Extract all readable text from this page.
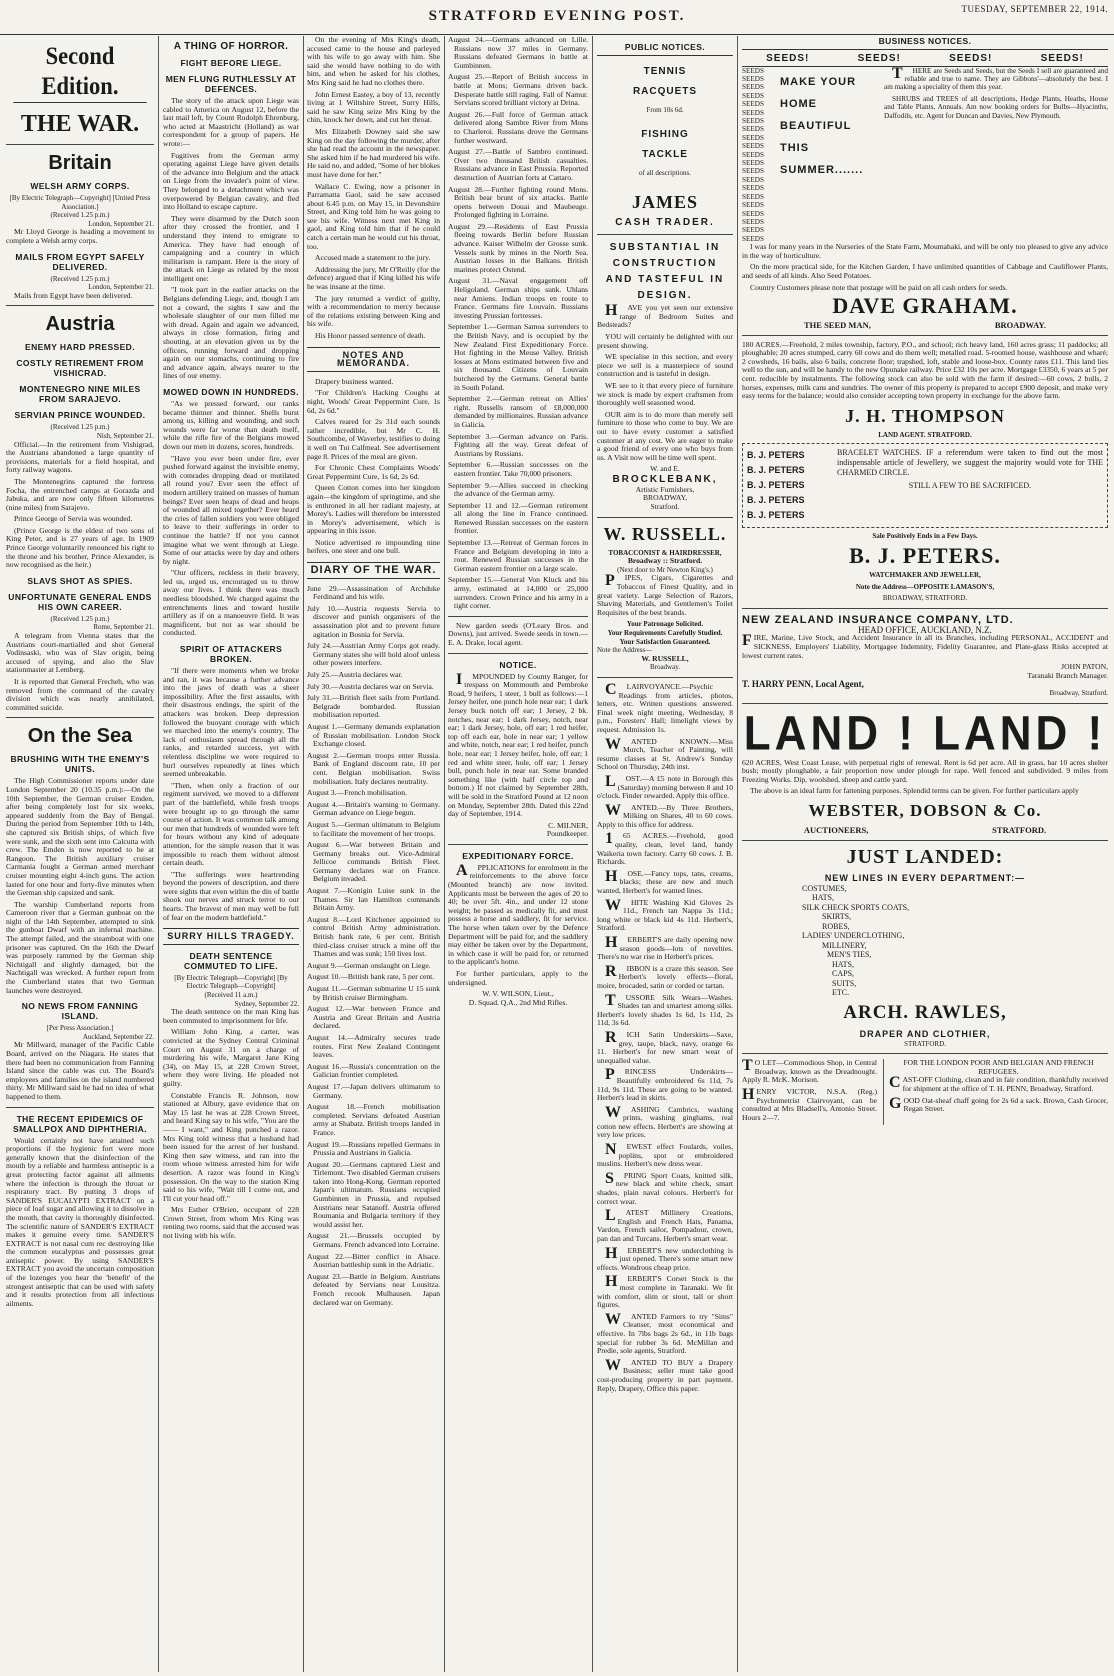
STRATFORD EVENING POST.	TUESDAY, SEPTEMBER 22, 1914.
Second Edition.
THE WAR.
Britain
WELSH ARMY CORPS.
[By Electric Telegraph—Copyright] [United Press Association.]
(Received 1.25 p.m.)
London, September 21.

Mr Lloyd George is heading a movement to complete a Welsh army corps.

MAILS FROM EGYPT SAFELY DELIVERED.
(Received 1.25 p.m.)
London, September 21.

Mails from Egypt have been delivered.

Austria
ENEMY HARD PRESSED.
COSTLY RETIREMENT FROM VISHICRAD.
MONTENEGRO NINE MILES FROM SARAJEVO.
SERVIAN PRINCE WOUNDED.
(Received 1.25 p.m.)
Nish, September 21.

Official.—In the retirement from Vishigrad, the Austrians abandoned a large quantity of provisions, materials for a field hospital, and forty railway wagons.

The Montenegrins captured the fortress Focha, the entrenched camps at Gorazda and Jabuka, and are now only fifteen kilometres (nine miles) from Sarajevo.

Prince George of Servia was wounded.

(Prince George is the eldest of two sons of King Peter, and is 27 years of age. In 1909 Prince George voluntarily renounced his right to the throne and his brother, Prince Alexander, is now recognised as the heir.)

SLAVS SHOT AS SPIES.
UNFORTUNATE GENERAL ENDS HIS OWN CAREER.
(Received 1.25 p.m.)
Rome, September 21.

A telegram from Vienna states that the Austrians court-martialled and shot General Vodinsaski, who was of Slav origin, being accused of spying, and also the Slav stationmaster at Lemberg.

It is reported that General Frecheh, who was removed from the command of the cavalry division which was nearly annihilated, committed suicide.

On the Sea
BRUSHING WITH THE ENEMY'S UNITS.

The High Commissioner reports under date London September 20 (10.35 p.m.):—On the 10th September, the German cruiser Emden, after being completely lost for six weeks, appeared suddenly from the Bay of Bengal. During the period from September 10th to 14th, she captured six British ships, of which five were sunk, and the sixth sent into Calcutta with crew. The Emden is now reported to be at Rangoon. The British auxiliary cruiser Carmania fought a German armed merchant cruiser mounting eight 4-inch guns. The action lasted for one hour and forty-five minutes when the German ship capsized and sank.

The warship Cumberland reports from Cameroon river that a German gunboat on the night of the 14th September, attempted to sink the gunboat Dwarf with an infernal machine. The attempt failed, and the steamboat with one prisoner was captured. On the 16th the Dwarf was purposely rammed by the German ship Nichtigall and slightly damaged, but the Nachtigall was wrecked. A further report from the Cumberland states that two German launches were destroyed.

NO NEWS FROM FANNING ISLAND.
[Per Press Association.]
Auckland, September 22.

Mr Millward, manager of the Pacific Cable Board, arrived on the Niagara. He states that there had been no communication from Fanning Island since the cable was cut. The Board's employees and families on the island numbered thirty. Mr Millward said he had no idea of what happened to them.

THE RECENT EPIDEMICS OF SMALLPOX AND DIPHTHERIA.

Would certainly not have attained such proportions if the hygienic fort were more generally known that the disinfection of the mouth by a reliable and harmless antiseptic is a great protecting factor against all ailments where the infection is through the throat or respiratory tract. By putting 3 drops of SANDER'S EUCALYPTI EXTRACT on a piece of loaf sugar and allowing it to dissolve in the mouth, that cavity is thoroughly disinfected. The scientific nature of SANDER'S EXTRACT makes it genuine every time. SANDER'S EXTRACT is not nasal cum rec destroying like the common eucalyptus and possesses great antiseptic power. By using SANDER'S EXTRACT you avoid the uncertain composition of the lozenges you hear the 'benefit' of the strongest antiseptic that can be used with safety and it results protection from all infectious ailments.

A THING OF HORROR.
FIGHT BEFORE LIEGE.
MEN FLUNG RUTHLESSLY AT DEFENCES.

The story of the attack upon Liege was cabled to America on August 12, before the last mail left, by Count Rudolph Ehrenburg, who acted at Maastricht (Holland) as war correspondent for a group of papers. He wrote:—

Fugitives from the German army operating against Liege have given details of the advance into Belgium and the attack on Liege from the invader's point of view. They belonged to a detachment which was overpowered by Belgian cavalry, and fled into Holland to escape capture.

They were disarmed by the Dutch soon after they crossed the frontier, and I understand they intend to emigrate to America. They have had enough of campaigning and a country in which militarism is rampant. Here is the story of the attack on Liege as related by the most intelligent one:

"I took part in the earlier attacks on the Belgians defending Liege, and, though I am not a coward, the sights I saw and the wholesale slaughter of our men filled me with dread. Again and again we advanced, always in close formation, firing and shouting, at an elevation given us by the officers, running forward and dropping again on our stomachs, continuing to fire and advance again, always nearer to the lines of our enemy.

MOWED DOWN IN HUNDREDS.

"As we pressed forward, our ranks became thinner and thinner. Shells burst among us, killing and wounding, and such wounds were far worse than death itself, while the rifle fire of the Belgians mowed down our men in dozens, scores, hundreds.

"Have you ever been under fire, ever pushed forward against the invisible enemy, with comrades dropping dead or mutilated all round you? Ever seen the effect of modern artillery trained on masses of human beings? Ever seen heaps of dead and heaps of wounded all mixed together? Ever heard the cries of fallen soldiers you were obliged to leave to their sufferings in order to continue the battle? If not you cannot imagine what we went through at Liege. Some of our attacks were by day and others by night.

"Our officers, reckless in their bravery, led us, urged us, encouraged us to throw away our lives. I think there was much needless bloodshed. We charged against the entrenchments lines and toward hostile artillery as if on a manoeuvre field. It was magnificent, but not as war should be conducted.

SPIRIT OF ATTACKERS BROKEN.

"If there were moments when we broke and ran, it was because a further advance into the jaws of death was a sheer impossibility. After the first assaults, with their disastrous endings, the spirit of the attackers was broken. Deep depression followed the buoyant courage with which we marched into the enemy's country. The lack of enthusiasm spread through all the ranks, and retarded success, yet with relentless discipline we were required to hurl ourselves repeatedly at lines which seemed unbreakable.

"Then, when only a fraction of our regiment survived, we moved to a different part of the battlefield, while fresh troops were brought up to go through the same course of action. It was common talk among our men that hundreds of wounded were left for hours without any kind of adequate attention, for the simple reason that it was impossible to reach them without almost certain death.

"The sufferings were heartrending beyond the powers of description, and there were sights that even within the din of battle shook our nerves and struck terror to our hearts. The bravest of men may well be full of fear on the modern battlefield."

SURRY HILLS TRAGEDY.
DEATH SENTENCE COMMUTED TO LIFE.
[By Electric Telegraph—Copyright] [By Electric Telegraph—Copyright]
(Received 11 a.m.)
Sydney, September 22.

The death sentence on the man King has been commuted to imprisonment for life.

William John King, a carter, was convicted at the Sydney Central Criminal Court on August 31 on a charge of murdering his wife, Margaret Jane King (34), on May 15, at 228 Crown Street, where they were living. He pleaded not guilty.

Constable Francis R. Johnson, now stationed at Albury, gave evidence that on May 15 last he was at 228 Crown Street, and heard King say to his wife, "You are the —— I want," and King punched a razor. Mrs King told witness that a husband had been issued for the arrest of her husband. King then saw witness, and ran into the room whose witness arrested him for wife desertion. A razor was found in King's possession. On the way to the station King said to his wife, "Wait till I come out, and I'll cut your head off."

Mrs Esther O'Brien, occupant of 228 Crown Street, from whom Mrs King was renting two rooms, said that the accused was not living with his wife.

On the evening of Mrs King's death, accused came to the house and parleyed with his wife to go away with him. She said she would have nothing to do with him, and when he asked for his clothes, Mrs King said he had no clothes there.

John Ernest Eastey, a boy of 13, recently living at 1 Wiltshire Street, Surry Hills, said he saw King seize Mrs King by the chin, knock her down, and cut her throat.

Mrs Elizabeth Downey said she saw King on the day following the murder, after she had read the account in the newspaper. She asked him if he had murdered his wife. He said no, and added, "Some of her blokes must have done for her."

Wallace C. Ewing, now a prisoner in Parramatta Gaol, said he saw accused about 6.45 p.m. on May 15, in Devonshire Street, and King told him he was going to see his wife. Witness next met King in gaol, and King told him that if he could catch a certain man he would cut his throat, too.

Accused made a statement to the jury.

Addressing the jury, Mr O'Reilly (for the defence) argued that if King killed his wife he was insane at the time.

The jury returned a verdict of guilty, with a recommendation to mercy because of the relations existing between King and his wife.

His Honor passed sentence of death.

NOTES AND MEMORANDA.

Drapery business wanted.

"For Children's Hacking Coughs at night, Woods' Great Peppermint Cure, 1s 6d, 2s 6d."

Calves reared for 2s 31d each sounds rather incredible, but Mr C. H. Southcombe, of Waverley, testifies to doing it well on Tui Calfmeal. See advertisement page 8. Prices of the meal are given.

For Chronic Chest Complaints Woods' Great Peppermint Cure, 1s 6d, 2s 6d.

Queen Cotton comes into her kingdom again—the kingdom of springtime, and she is enthroned in all her radiant majesty, at Morey's. Ladies will therefore be interested in Morey's advertisement, which is appearing in this issue.

Notice advertised re impounding nine heifers, one steer and one bull.

DIARY OF THE WAR.

June 29.—Assassination of Archduke Ferdinand and his wife.

July 10.—Austria requests Servia to discover and punish organisers of the assassination plot and to prevent future agitation in Bosnia for Servia.

July 24.—Austrian Army Corps got ready. Germany states she will hold aloof unless other powers interfere.

July 25.—Austria declares war.

July 30.—Austria declares war on Servia.

July 31.—British fleet sails from Portland. Belgrade bombarded. Russian mobilisation reported.

August 1.—Germany demands explanation of Russian mobilisation. London Stock Exchange closed.

August 2.—German troops enter Russia. Bank of England discount rate, 10 per cent. Belgian mobilisation. Swiss mobilisation. Italy declares neutrality.

August 3.—French mobilisation.

August 4.—Britain's warning to Germany. German advance on Liege begun.

August 5.—German ultimatum to Belgium to facilitate the movement of her troops.

August 6.—War between Britain and Germany breaks out. Vice-Admiral Jellicoe commands British Fleet. Germany declares war on France. Belgium invaded.

August 7.—Konigin Luise sunk in the Thames. Sir Ian Hamilton commands Britain Army.

August 8.—Lord Kitchener appointed to control British Army administration. British bank rate, 6 per cent. British third-class cruiser struck a mine off the Thames and was sunk; 150 lives lost.

August 9.—German onslaught on Liege.

August 10.—British bank rate, 5 per cent.

August 11.—German submarine U 15 sunk by British cruiser Birmingham.

August 12.—War between France and Austria and Great Britain and Austria declared.

August 14.—Admiralty secures trade routes. First New Zealand Contingent leaves.

August 16.—Russia's concentration on the Galician frontier completed.

August 17.—Japan delivers ultimatum to Germany.

August 18.—French mobilisation completed. Servians defeated Austrian army at Shabatz. British troops landed in France.

August 19.—Russians repelled Germans in Prussia and Austrians in Galicia.

August 20.—Germans captured Liest and Tirlemont. Two disabled German cruisers taken into Hong-Kong. German reported Japan's ultimatum. Russians occupied Gumbinnen in Prussia, and repulsed Austrians near Satanoff. Austria offered Roumania and Bulgaria territory if they would assist her.

August 21.—Brussels occupied by Germans. French advanced into Lorraine.

August 22.—Bitter conflict in Alsace. Austrian battleship sunk in the Adriatic.

August 23.—Battle in Belgium. Austrians defeated by Servians near Lousitza. French recook Mulhausen. Japan declared war on Germany.

August 24.—Germans advanced on Lille. Russians now 37 miles in Germany. Russians defeated Germans in battle at Gumbinnen.

August 25.—Report of British success in battle at Mons; Germans driven back. Desperate battle still raging. Fall of Namur. Servians scored brilliant victory at Drina.

August 26.—Full force of German attack delivered along Sambre River from Mons to Charleroi. Russians drove the Germans further westward.

August 27.—Battle of Sambro continued. Over two thousand British casualties. Russians advance in East Prussia. Reported destruction of Austrian forts at Cattaro.

August 28.—Further fighting round Mons. British bear brunt of six attacks. Battle opens between Douai and Maubeuge. Prolonged fighting in Lorraine.

August 29.—Residents of East Prussia fleeing towards Berlin before Russian advance. Kaiser Wilhelm der Grosse sunk. Vessels sunk by mines in the North Sea. Austrian losses in the Balkans. British marines protect Ostend.

August 31.—Naval engagement off Heligoland. German ships sunk. Uhlans near Amiens. Indian troops en route to France. Germans fire Louvain. Russians investing Prussian fortresses.

September 1.—German Samoa surrenders to the British Navy, and is occupied by the New Zealand First Expeditionary Force. Hot fighting in the Meuse Valley. British losses at Mons estimated between five and six thousand. Citizens of Louvain butchered by the Germans. General battle in South Poland.

September 2.—German retreat on Allies' right. Russells ransom of £8,000,000 demanded by millionaires. Russian advance in Galicia.

September 3.—German advance on Paris. Fighting all the way. Great defeat of Austrians by Russians.

September 6.—Russian successes on the eastern frontier. Take 70,000 prisoners.

September 9.—Allies succeed in checking the advance of the German army.

September 11 and 12.—German retirement all along the line in France continued. Renewed Russian successes on the eastern frontier.

September 13.—Retreat of German forces in France and Belgium developing in into a rout. Renewed Russian successes in the German eastern frontier on a large scale.

September 15.—General Von Kluck and his army, estimated at 14,000 or 25,000 surrenders. Crown Prince and his army in a tight corner.

New garden seeds (O'Leary Bros. and Downs), just arrived. Swede seeds in town.—E. A. Drake, local agent.

NOTICE.

IMPOUNDED by County Ranger, for trespass on Mommouth and Pembroke Road, 9 heifers, 1 steer, 1 bull as follows:—1 Jersey heifer, one punch hole near ear; 1 dark Jersey buck notch off ear; 1 Jersey, 2 bk. notches, near ear; 1 dark Jersey, notch, near ear; 1 dark Jersey, hole, off ear; 1 red heifer, top off each ear, hole in near ear; 1 yellow and white, notch, near ear; 1 red heifer, punch hole, near ear; 1 Jersey heifer, hole, off ear; 1 red and white steer, hole, off ear; 1 Jersey bull, punch hole in near ear. Some branded something like (with half circle top and bottom.) If not claimed by September 28th, will be sold in the Stratford Pound at 12 noon on Monday, September 28th. Dated this 22nd day of September, 1914.

C. MILNER,
Poundkeeper.
EXPEDITIONARY FORCE.

APPLICATIONS for enrolment in the reinforcements to the above force (Mounted branch) are now invited. Applicants must be between the ages of 20 to 40; be over 5ft. 4in., and under 12 stone weight; be passed as medically fit, and must possess a horse and saddlery, fit for service. The horse when taken over by the Defence Department will be paid for, and the saddlery may either be taken over by the Department, in which case it will be paid for, or returned to the applicant's home.

For further particulars, apply to the undersigned.

W. V. WILSON, Lieut.,
D. Squad. Q.A., 2nd Mtd Rifles.
PUBLIC NOTICES.
TENNIS
RACQUETS
From 10s 6d.
FISHING
TACKLE
of all descriptions.
JAMES
CASH TRADER.
SUBSTANTIAL IN CONSTRUCTION AND TASTEFUL IN DESIGN.

HAVE you yet seen our extensive range of Bedroom Suites and Bedsteads?

YOU will certainly be delighted with our present showing.

WE specialise in this section, and every piece we sell is a masterpiece of sound construction and is tasteful in design.

WE see to it that every piece of furniture we stock is made by expert craftsmen from thoroughly well seasoned wood.

OUR aim is to do more than merely sell furniture to those who come to buy. We are out to have every customer a satisfied customer at any cost. We are eager to make a good friend of every one who buys from us. A Visit now will be time well spent.

W. and E.
BROCKLEBANK,
Artistic Furnishers,
BROADWAY,
Stratford.
W. RUSSELL.
TOBACCONIST & HAIRDRESSER,
Broadway :: Stratford.
(Next door to Mr Newton King's.)

PIPES, Cigars, Cigarettes and Tobaccos of Finest Quality, and in great variety. Large Selection of Razors, Shaving Materials, and Gentlemen's Toilet Requisites of the best brands.

Your Patronage Solicited.
Your Requirements Carefully Studied.
Your Satisfaction Guaranteed.
Note the Address—
W. RUSSELL,
Broadway.

CLAIRVOYANCE.—Psychic Readings from articles, photos, letters, etc. Written questions answered. Final week night meeting, Wednesday, 8 p.m., Foresters' Hall; limelight views by request. Admission 1s.

WANTED KNOWN.—Miss Murch, Teacher of Painting, will resume classes at St. Andrew's Sunday School on Thursday, 24th inst.

LOST.—A £5 note in Borough this (Saturday) morning between 8 and 10 o'clock. Finder rewarded. Apply this office.

WANTED.—By Three Brothers, Milking on Shares, 40 to 60 cows. Apply to this office for address.

165 ACRES.—Freehold, good quality, clean, level land, handy Waikeria town factory. Carry 60 cows. J. B. Richards.

HOSE.—Fancy tops, tans, creams, blacks; these are new and much wanted, Herbert's for wanted lines.

WHITE Washing Kid Gloves 2s 11d., French tan Nappa 3s 11d.; long white or black kid 4s 11d. Herbert's, Stratford.

HERBERT'S are daily opening new season goods—lots of novelties. There's no war rise in Herbert's prices.

RIBBON is a craze this season. See Herbert's lovely effects—floral, moire, brocaded, satin or corded or tartan.

TUSSORE Silk Wears—Washes. Shades tan and smartest among silks. Herbert's lovely shades 1s 6d, 1s 11d, 2s 11d, 3s 6d.

RICH Satin Underskirts—Saxe, grey, taupe, black, navy, orange 6s 11. Herbert's for new smart wear of unequalled value.

PRINCESS Underskirts—Beautifully embroidered 6s 11d, 7s 11d, 9s 11d. These are going to be wanted. Herbert's lead in skirts.

WASHING Cambrics, washing prints, washing ginghams, real cotton new effects. Herbert's are showing at very low prices.

NEWEST effect Foulards, voiles, poplins, spot or embroidered muslins. Herbert's new dress wear.

SPRING Sport Coats, knitted silk, new black and white check, smart shades, plain naval colours. Herbert's for correct wear.

LATEST Millinery Creations, English and French Hats, Panama, Vardon, French sailor, Pompadour, crown, pan dan and Turcans. Herbert's smart wear.

HERBERT'S new underclothing is just opened. There's some smart new effects. Wondrous cheap price.

HERBERT'S Corset Stock is the most complete in Taranaki. We fit with comfort, slim or stout, tall or short figures.

WANTED Farmers to try "Sims" Cleanser, most economical and effective. In 7lbs bags 2s 6d., in 11b bags special for rubber 3s 6d. McMillan and Predie, sole agents, Stratford.

WANTED TO BUY a Drapery Business; seller must take good cost-producing property in part payment. Reply, Drapery, Office this paper.

BUSINESS NOTICES.
SEEDS!	SEEDS!	SEEDS!	SEEDS!
SEEDS
SEEDS
SEEDS
SEEDS
SEEDS
SEEDS
SEEDS
SEEDS
SEEDS
SEEDS
SEEDS
SEEDS
SEEDS
SEEDS
SEEDS
SEEDS
SEEDS
SEEDS
SEEDS
SEEDS
SEEDS
MAKE YOUR HOME BEAUTIFUL THIS SUMMER.......

THERE are Seeds and Seeds, but the Seeds I sell are guaranteed and reliable and true to name. They are Gibbons'—absolutely the best. I am making a speciality of them this year.

SHRUBS and TREES of all descriptions, Hedge Plants, Heaths, House and Table Plants, Annuals. Am now booking orders for Bulbs—Hyacinths, Daffodils, etc. Agent for Duncan and Davies, New Plymouth.

I was for many years in the Nurseries of the State Farm, Moumahaki, and will be only too pleased to give any advice in the way of horticulture.

On the more practical side, for the Kitchen Garden, I have unlimited quantities of Cabbage and Cauliflower Plants, and seeds of all kinds. Also Seed Potatoes.

Country Customers please note that postage will be paid on all cash orders for seeds.

DAVE GRAHAM.
THE SEED MAN,	BROADWAY.

180 ACRES.—Freehold, 2 miles township, factory, P.O., and school; rich heavy land, 160 acres grass; 11 paddocks; all ploughable; 20 acres stumped, carry 60 cows and do them well; metalled road. 5-roomed house, washhouse and wharé; 2 cowsheds, 16 bails, also 6 bails, concrete floor; trapshed, loft, stable and loose-box. County rates £11. This land lies well to the sun, and will be handy to the new Opunake railway. Price £32 10s per acre. Mortgage £3350, 6 years at 5 per cent. reducible by instalments. The following stock can also be sold with the farm if desired:—60 cows, 2 bulls, 2 horses, expenses, milk cans and sundries. The owner of this property is prepared to accept £900 deposit, and make very easy terms for the balance; would also consider accepting town property in exchange for the above farm.

J. H. THOMPSON
LAND AGENT. STRATFORD.
B. J. PETERS
B. J. PETERS
B. J. PETERS
B. J. PETERS
B. J. PETERS

BRACELET WATCHES. IF a referendum were taken to find out the most indispensable article of Jewellery, we suggest the majority would vote for THE CHARMED CIRCLE.

STILL A FEW TO BE SACRIFICED.

Sale Positively Ends in a Few Days.
B. J. PETERS.
WATCHMAKER AND JEWELLER,
Note the Address—OPPOSITE LAMASON'S,
BROADWAY, STRATFORD.
NEW ZEALAND INSURANCE COMPANY, LTD.
HEAD OFFICE, AUCKLAND, N.Z.

FIRE, Marine, Live Stock, and Accident Insurance in all its Branches, including PERSONAL, ACCIDENT and SICKNESS, Employers' Liability, Mortgagee Indemnity, Fidelity Guarantee, and Plate-glass Risks accepted at lowest current rates.

JOHN PATON,
Taranaki Branch Manager.
T. HARRY PENN, Local Agent,
Broadway, Stratford.
LAND ! LAND !

620 ACRES, West Coast Lease, with perpetual right of renewal. Rent is 6d per acre. All in grass, bar 10 acres shelter bush; mostly ploughable, a fair proportion now under plough for rape. Well fenced and subdivided. 9 miles from Freezing Works. Dip, woolshed, sheep and cattle yard.

The above is an ideal farm for fattening purposes. Splendid terms can be given. For further particulars apply

WEBSTER, DOBSON & Co.
AUCTIONEERS,	STRATFORD.
JUST LANDED:
NEW LINES IN EVERY DEPARTMENT:—
COSTUMES,
HATS,
SILK CHECK SPORTS COATS,
SKIRTS,
ROBES,
LADIES' UNDERCLOTHING,
MILLINERY,
MEN'S TIES,
HATS,
CAPS,
SUITS,
ETC.
ARCH. RAWLES,
DRAPER AND CLOTHIER,
STRATFORD.

TO LET—Commodious Shop, in Central Broadway, known as the Dreadnought. Apply R. McK. Morison.

HENRY VICTOR, N.S.A. (Reg.) Psychometrist Clairvoyant, can be consulted at Mrs Bladsell's, Antonio Street. Hours 2—7.

FOR THE LONDON POOR AND BELGIAN AND FRENCH REFUGEES.

CAST-OFF Clothing, clean and in fair condition, thankfully received for shipment at the office of T. H. PENN, Broadway, Stratford.

GOOD Oat-sheaf chaff going for 2s 6d a sack. Brown, Cash Grocer, Regan Street.
